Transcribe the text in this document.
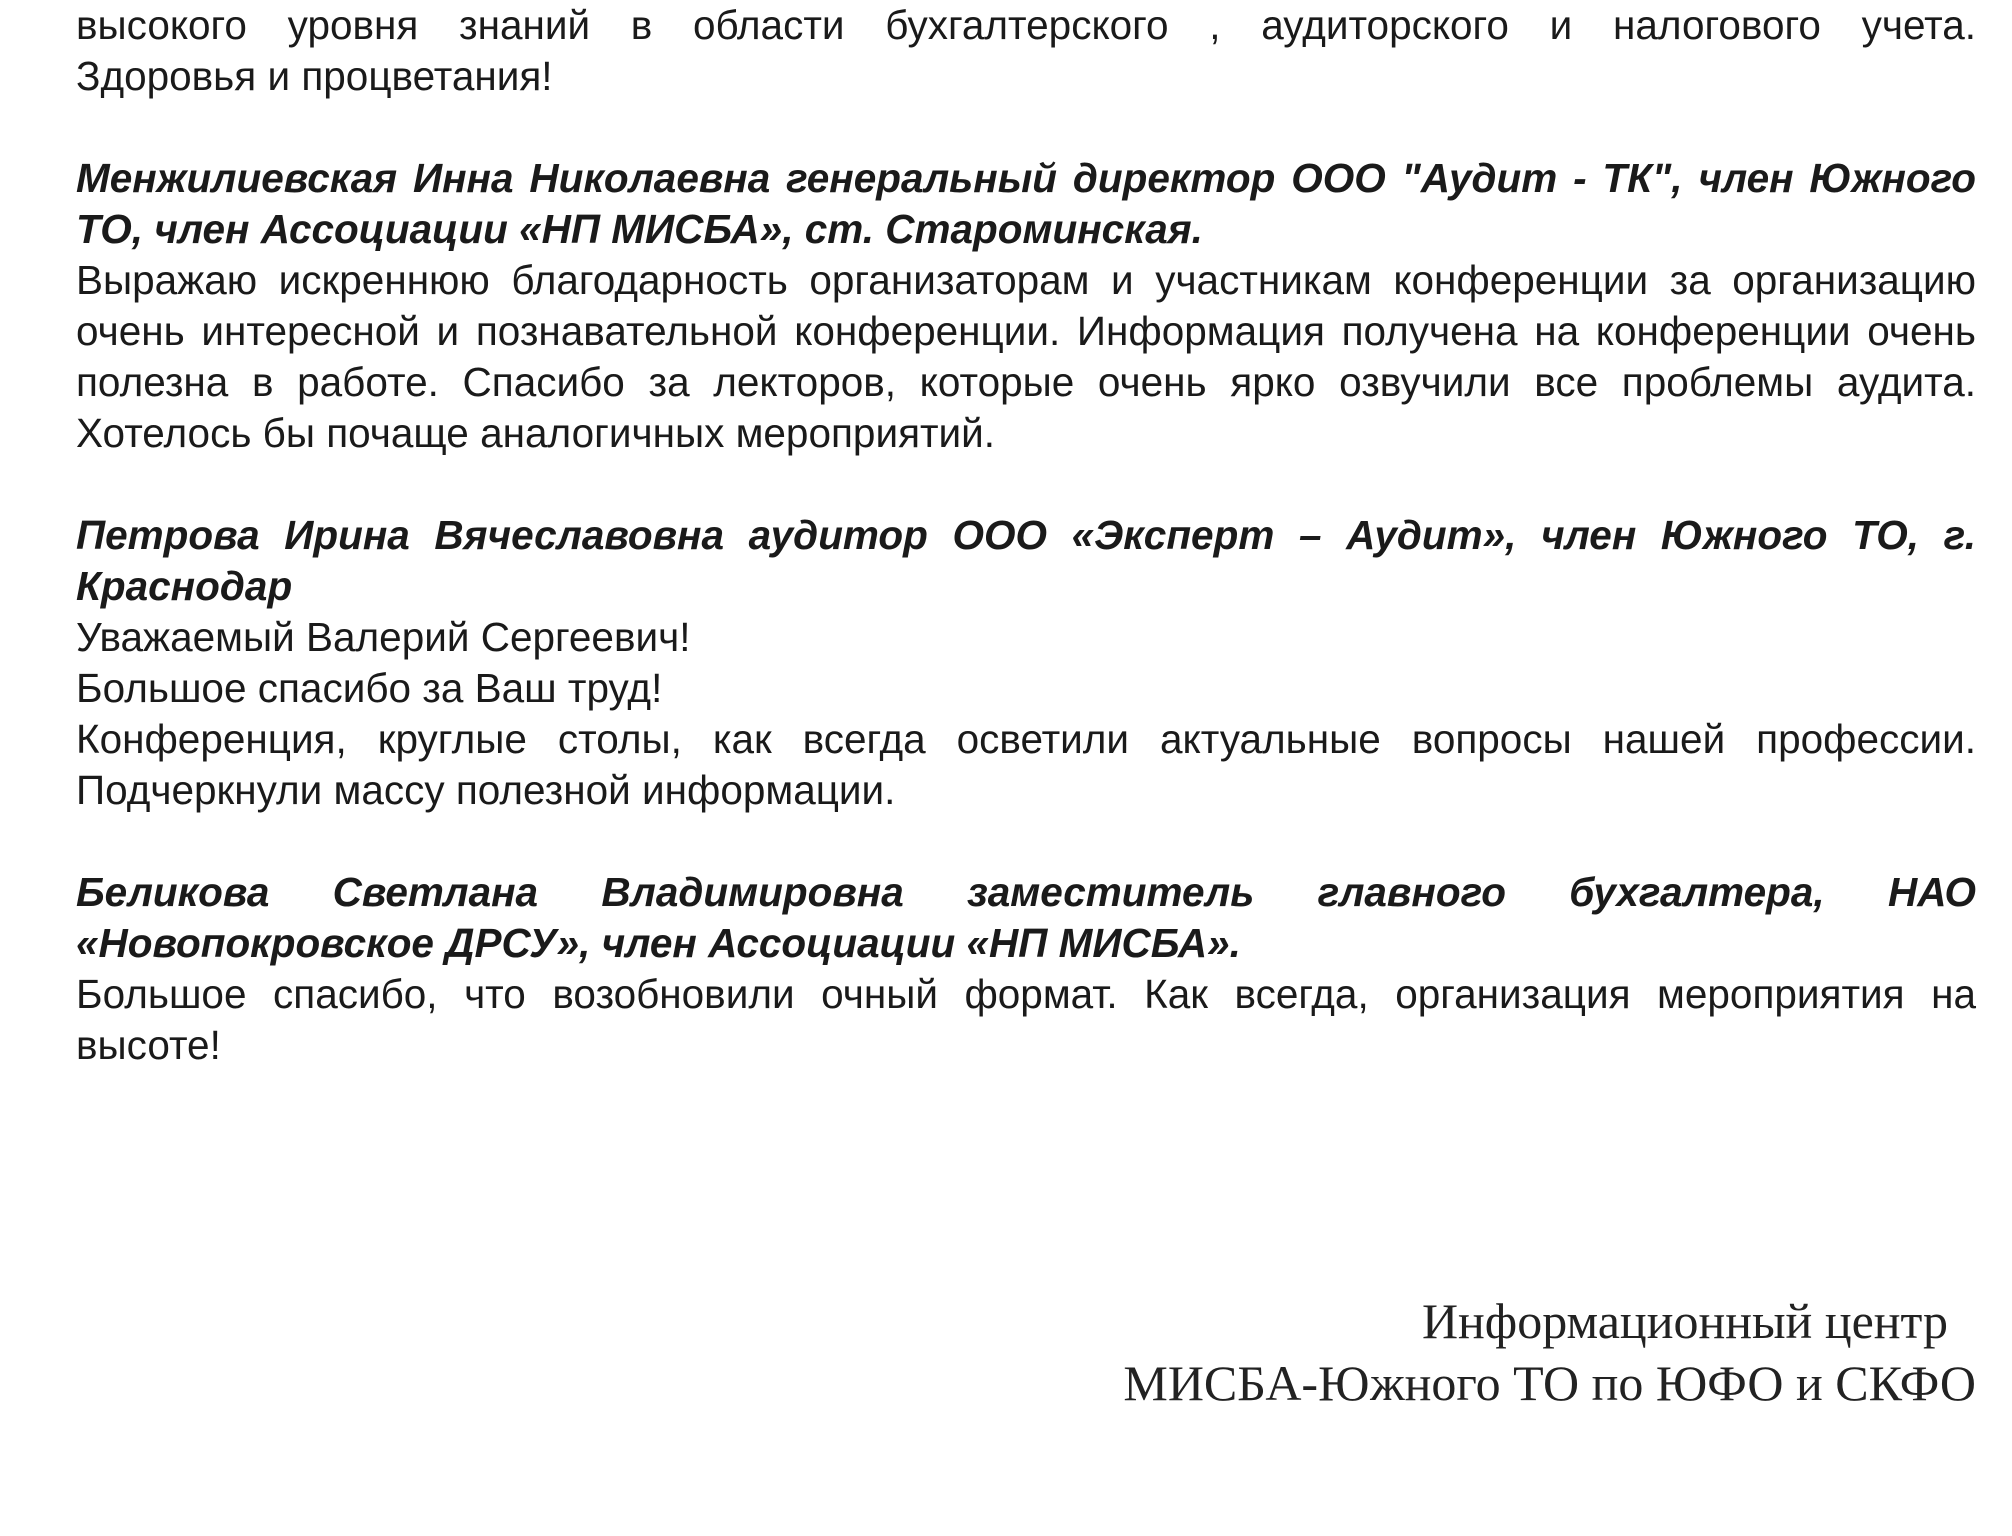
высокого уровня знаний в области бухгалтерского , аудиторского и налогового учета.

Здоровья и процветания!

Менжилиевская Инна Николаевна генеральный директор ООО "Аудит - ТК", член Южного ТО, член Ассоциации «НП МИСБА», ст. Староминская.

Выражаю искреннюю благодарность организаторам и участникам конференции за организацию очень интересной и познавательной конференции. Информация получена на конференции очень полезна в работе. Спасибо за лекторов, которые очень ярко озвучили все проблемы аудита. Хотелось бы почаще аналогичных мероприятий.

Петрова Ирина Вячеславовна аудитор ООО «Эксперт – Аудит», член Южного ТО, г. Краснодар

Уважаемый Валерий Сергеевич!

Большое спасибо за Ваш труд!

Конференция, круглые столы, как всегда осветили актуальные вопросы нашей профессии. Подчеркнули массу полезной информации.

Беликова Светлана Владимировна заместитель главного бухгалтера, НАО «Новопокровское ДРСУ», член Ассоциации «НП МИСБА».

Большое спасибо, что возобновили очный формат. Как всегда, организация мероприятия на высоте!

Информационный центр
МИСБА-Южного ТО по ЮФО и СКФО
